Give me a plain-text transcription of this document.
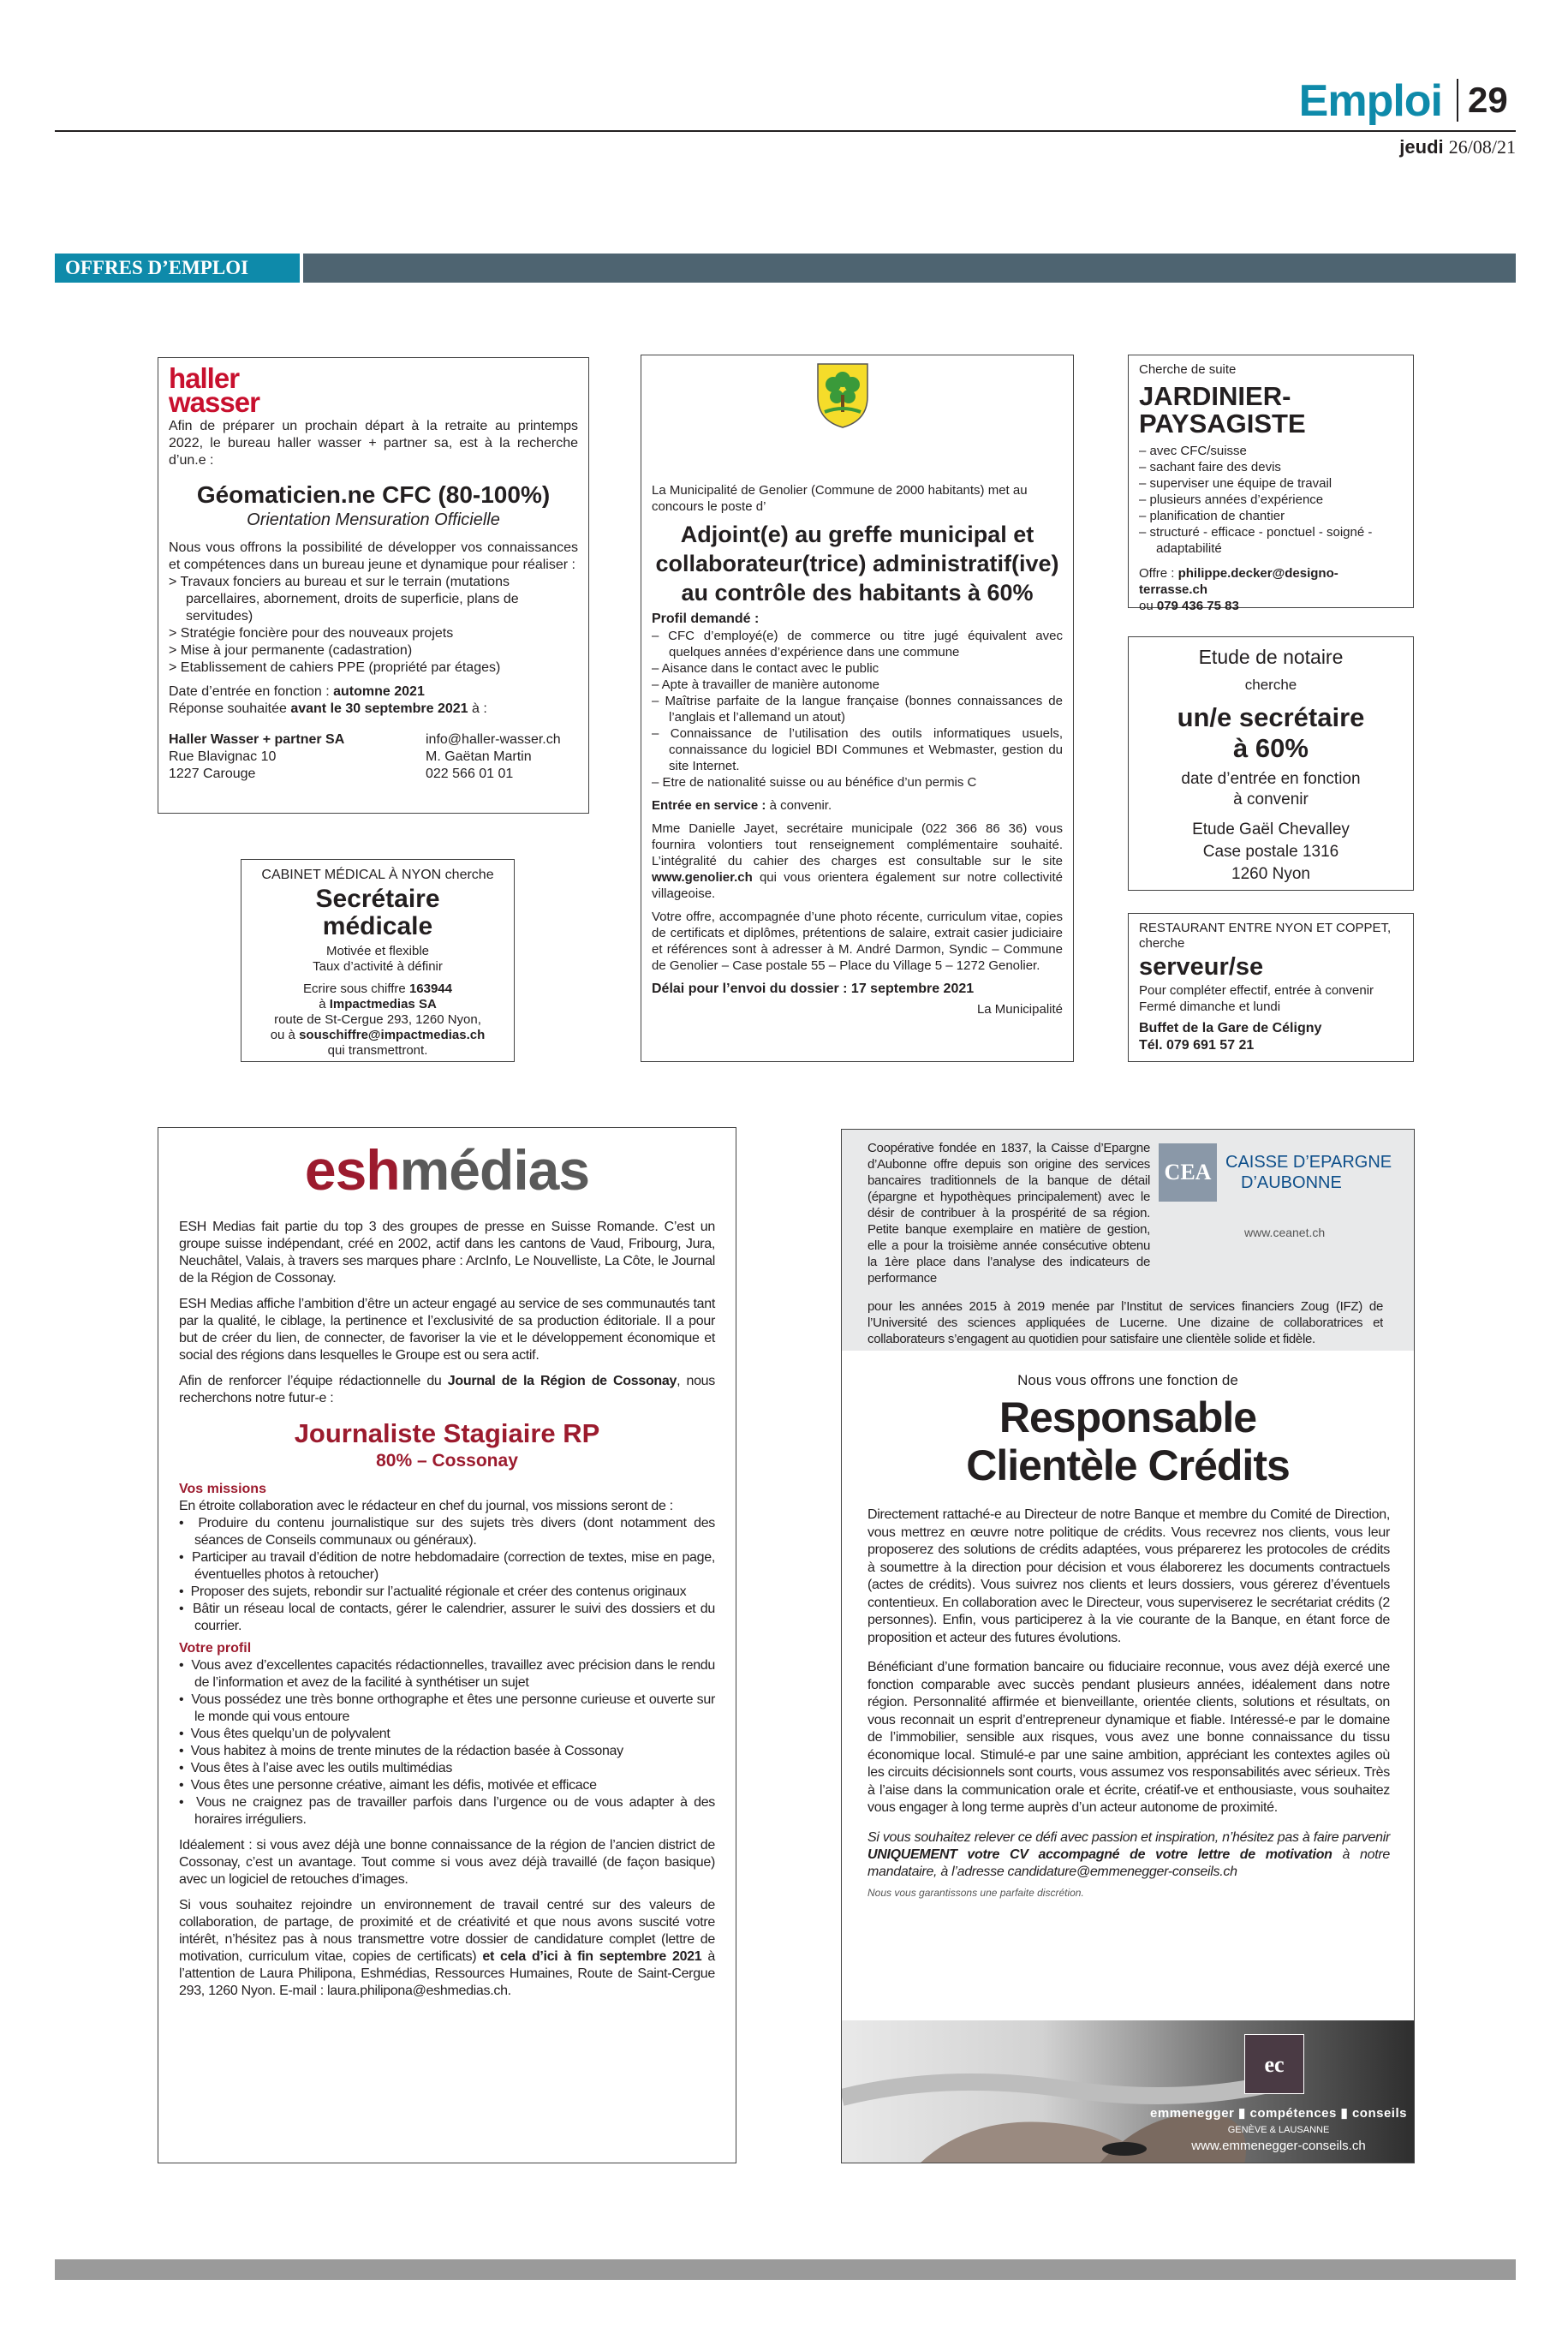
Emploi 29
jeudi 26/08/21
OFFRES D’EMPLOI
haller
wasser
Afin de préparer un prochain départ à la retraite au printemps 2022, le bureau haller wasser + partner sa, est à la recherche d’un.e :
Géomaticien.ne CFC (80-100%)
Orientation Mensuration Officielle
Nous vous offrons la possibilité de développer vos connaissances et compétences dans un bureau jeune et dynamique pour réaliser :
> Travaux fonciers au bureau et sur le terrain (mutations parcellaires, abornement, droits de superficie, plans de servitudes)
> Stratégie foncière pour des nouveaux projets
> Mise à jour permanente (cadastration)
> Etablissement de cahiers PPE (propriété par étages)
Date d’entrée en fonction : automne 2021
Réponse souhaitée avant le 30 septembre 2021 à :
Haller Wasser + partner SA
Rue Blavignac 10
1227 Carouge
info@haller-wasser.ch
M. Gaëtan Martin
022 566 01 01
CABINET MÉDICAL À NYON cherche
Secrétaire
médicale
Motivée et flexible
Taux d’activité à définir
Ecrire sous chiffre 163944
à Impactmedias SA
route de St-Cergue 293, 1260 Nyon,
ou à souschiffre@impactmedias.ch
qui transmettront.
La Municipalité de Genolier (Commune de 2000 habitants) met au concours le poste d’
Adjoint(e) au greffe municipal et collaborateur(trice) administratif(ive) au contrôle des habitants à 60%
Profil demandé :
– CFC d’employé(e) de commerce ou titre jugé équivalent avec quelques années d’expérience dans une commune
– Aisance dans le contact avec le public
– Apte à travailler de manière autonome
– Maîtrise parfaite de la langue française (bonnes connaissances de l’anglais et l’allemand un atout)
– Connaissance de l’utilisation des outils informatiques usuels, connaissance du logiciel BDI Communes et Webmaster, gestion du site Internet.
– Etre de nationalité suisse ou au bénéfice d’un permis C
Entrée en service : à convenir.
Mme Danielle Jayet, secrétaire municipale (022 366 86 36) vous fournira volontiers tout renseignement complémentaire souhaité. L’intégralité du cahier des charges est consultable sur le site www.genolier.ch qui vous orientera également sur notre collectivité villageoise.
Votre offre, accompagnée d’une photo récente, curriculum vitae, copies de certificats et diplômes, prétentions de salaire, extrait casier judiciaire et références sont à adresser à M. André Darmon, Syndic – Commune de Genolier – Case postale 55 – Place du Village 5 – 1272 Genolier.
Délai pour l’envoi du dossier : 17 septembre 2021
La Municipalité
Cherche de suite
JARDINIER-
PAYSAGISTE
– avec CFC/suisse
– sachant faire des devis
– superviser une équipe de travail
– plusieurs années d’expérience
– planification de chantier
– structuré - efficace - ponctuel - soigné - adaptabilité
Offre : philippe.decker@designo-terrasse.ch
ou 079 436 75 83
Etude de notaire
cherche
un/e secrétaire
à 60%
date d’entrée en fonction
à convenir
Etude Gaël Chevalley
Case postale 1316
1260 Nyon
RESTAURANT ENTRE NYON ET COPPET,
cherche
serveur/se
Pour compléter effectif, entrée à convenir
Fermé dimanche et lundi
Buffet de la Gare de Céligny
Tél. 079 691 57 21
eshmédias
ESH Medias fait partie du top 3 des groupes de presse en Suisse Romande. C’est un groupe suisse indépendant, créé en 2002, actif dans les cantons de Vaud, Fribourg, Jura, Neuchâtel, Valais, à travers ses marques phare : ArcInfo, Le Nouvelliste, La Côte, le Journal de la Région de Cossonay.
ESH Medias affiche l’ambition d’être un acteur engagé au service de ses communautés tant par la qualité, le ciblage, la pertinence et l’exclusivité de sa production éditoriale. Il a pour but de créer du lien, de connecter, de favoriser la vie et le développement économique et social des régions dans lesquelles le Groupe est ou sera actif.
Afin de renforcer l’équipe rédactionnelle du Journal de la Région de Cossonay, nous recherchons notre futur-e :
Journaliste Stagiaire RP
80% – Cossonay
Vos missions
En étroite collaboration avec le rédacteur en chef du journal, vos missions seront de :
•  Produire du contenu journalistique sur des sujets très divers (dont notamment des séances de Conseils communaux ou généraux).
•  Participer au travail d’édition de notre hebdomadaire (correction de textes, mise en page, éventuelles photos à retoucher)
•  Proposer des sujets, rebondir sur l’actualité régionale et créer des contenus originaux
•  Bâtir un réseau local de contacts, gérer le calendrier, assurer le suivi des dossiers et du courrier.
Votre profil
•  Vous avez d’excellentes capacités rédactionnelles, travaillez avec précision dans le rendu de l’information et avez de la facilité à synthétiser un sujet
•  Vous possédez une très bonne orthographe et êtes une personne curieuse et ouverte sur le monde qui vous entoure
•  Vous êtes quelqu’un de polyvalent
•  Vous habitez à moins de trente minutes de la rédaction basée à Cossonay
•  Vous êtes à l’aise avec les outils multimédias
•  Vous êtes une personne créative, aimant les défis, motivée et efficace
•  Vous ne craignez pas de travailler parfois dans l’urgence ou de vous adapter à des horaires irréguliers.
Idéalement : si vous avez déjà une bonne connaissance de la région de l’ancien district de Cossonay, c’est un avantage. Tout comme si vous avez déjà travaillé (de façon basique) avec un logiciel de retouches d’images.
Si vous souhaitez rejoindre un environnement de travail centré sur des valeurs de collaboration, de partage, de proximité et de créativité et que nous avons suscité votre intérêt, n’hésitez pas à nous transmettre votre dossier de candidature complet (lettre de motivation, curriculum vitae, copies de certificats) et cela d’ici à fin septembre 2021 à l’attention de Laura Philipona, Eshmédias, Ressources Humaines, Route de Saint-Cergue 293, 1260 Nyon. E-mail : laura.philipona@eshmedias.ch.
CEA CAISSE D’EPARGNE
D’AUBONNE
www.ceanet.ch
Coopérative fondée en 1837, la Caisse d’Epargne d’Aubonne offre depuis son origine des services bancaires traditionnels de la banque de détail (épargne et hypothèques principalement) avec le désir de contribuer à la prospérité de sa région. Petite banque exemplaire en matière de gestion, elle a pour la troisième année consécutive obtenu la 1ère place dans l’analyse des indicateurs de performance
pour les années 2015 à 2019 menée par l’Institut de services financiers Zoug (IFZ) de l’Université des sciences appliquées de Lucerne. Une dizaine de collaboratrices et collaborateurs s’engagent au quotidien pour satisfaire une clientèle solide et fidèle.
Nous vous offrons une fonction de
Responsable
Clientèle Crédits
Directement rattaché-e au Directeur de notre Banque et membre du Comité de Direction, vous mettrez en œuvre notre politique de crédits. Vous recevrez nos clients, vous leur proposerez des solutions de crédits adaptées, vous préparerez les protocoles de crédits à soumettre à la direction pour décision et vous élaborerez les documents contractuels (actes de crédits). Vous suivrez nos clients et leurs dossiers, vous gérerez d’éventuels contentieux. En collaboration avec le Directeur, vous superviserez le secrétariat crédits (2 personnes). Enfin, vous participerez à la vie courante de la Banque, en étant force de proposition et acteur des futures évolutions.
Bénéficiant d’une formation bancaire ou fiduciaire reconnue, vous avez déjà exercé une fonction comparable avec succès pendant plusieurs années, idéalement dans notre région. Personnalité affirmée et bienveillante, orientée clients, solutions et résultats, on vous reconnait un esprit d’entrepreneur dynamique et fiable. Intéressé-e par le domaine de l’immobilier, sensible aux risques, vous avez une bonne connaissance du tissu économique local. Stimulé-e par une saine ambition, appréciant les contextes agiles où les circuits décisionnels sont courts, vous assumez vos responsabilités avec sérieux. Très à l’aise dans la communication orale et écrite, créatif-ve et enthousiaste, vous souhaitez vous engager à long terme auprès d’un acteur autonome de proximité.
Si vous souhaitez relever ce défi avec passion et inspiration, n’hésitez pas à faire parvenir UNIQUEMENT votre CV accompagné de votre lettre de motivation à notre mandataire, à l’adresse candidature@emmenegger-conseils.ch
Nous vous garantissons une parfaite discrétion.
ec
emmenegger ▮ compétences ▮ conseils
GENÈVE & LAUSANNE
www.emmenegger-conseils.ch
